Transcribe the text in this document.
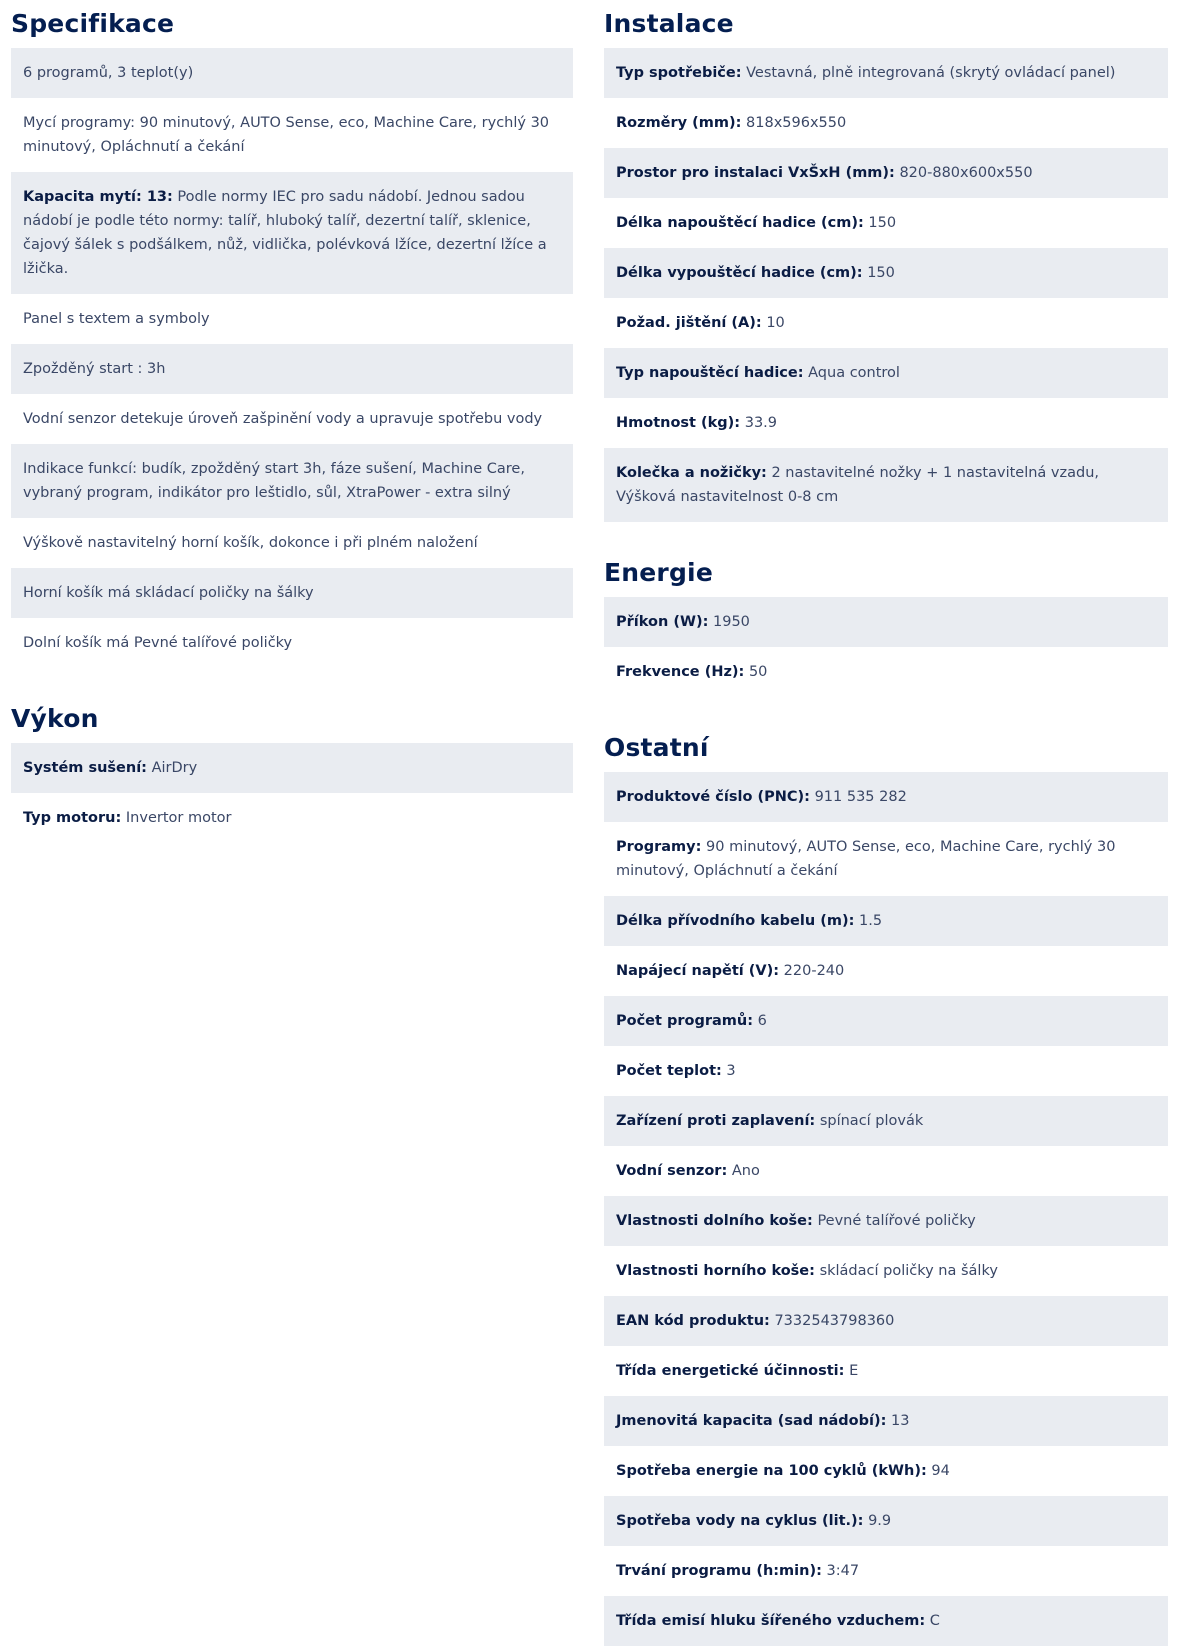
Specifikace
6 programů, 3 teplot(y)
Mycí programy: 90 minutový, AUTO Sense, eco, Machine Care, rychlý 30 minutový, Opláchnutí a čekání
Kapacita mytí: 13: Podle normy IEC pro sadu nádobí. Jednou sadou nádobí je podle této normy: talíř, hluboký talíř, dezertní talíř, sklenice, čajový šálek s podšálkem, nůž, vidlička, polévková lžíce, dezertní lžíce a lžička.
Panel s textem a symboly
Zpožděný start : 3h
Vodní senzor detekuje úroveň zašpinění vody a upravuje spotřebu vody
Indikace funkcí: budík, zpožděný start 3h, fáze sušení, Machine Care, vybraný program, indikátor pro leštidlo, sůl, XtraPower - extra silný
Výškově nastavitelný horní košík, dokonce i při plném naložení
Horní košík má skládací poličky na šálky
Dolní košík má Pevné talířové poličky
Výkon
Systém sušení: AirDry
Typ motoru: Invertor motor
Instalace
Typ spotřebiče: Vestavná, plně integrovaná (skrytý ovládací panel)
Rozměry (mm): 818x596x550
Prostor pro instalaci VxŠxH (mm): 820-880x600x550
Délka napouštěcí hadice (cm): 150
Délka vypouštěcí hadice (cm): 150
Požad. jištění (A): 10
Typ napouštěcí hadice: Aqua control
Hmotnost (kg): 33.9
Kolečka a nožičky: 2 nastavitelné nožky + 1 nastavitelná vzadu, Výšková nastavitelnost 0-8 cm
Energie
Příkon (W): 1950
Frekvence (Hz): 50
Ostatní
Produktové číslo (PNC): 911 535 282
Programy: 90 minutový, AUTO Sense, eco, Machine Care, rychlý 30 minutový, Opláchnutí a čekání
Délka přívodního kabelu (m): 1.5
Napájecí napětí (V): 220-240
Počet programů: 6
Počet teplot: 3
Zařízení proti zaplavení: spínací plovák
Vodní senzor: Ano
Vlastnosti dolního koše: Pevné talířové poličky
Vlastnosti horního koše: skládací poličky na šálky
EAN kód produktu: 7332543798360
Třída energetické účinnosti: E
Jmenovitá kapacita (sad nádobí): 13
Spotřeba energie na 100 cyklů (kWh): 94
Spotřeba vody na cyklus (lit.): 9.9
Trvání programu (h:min): 3:47
Třída emisí hluku šířeného vzduchem: C
